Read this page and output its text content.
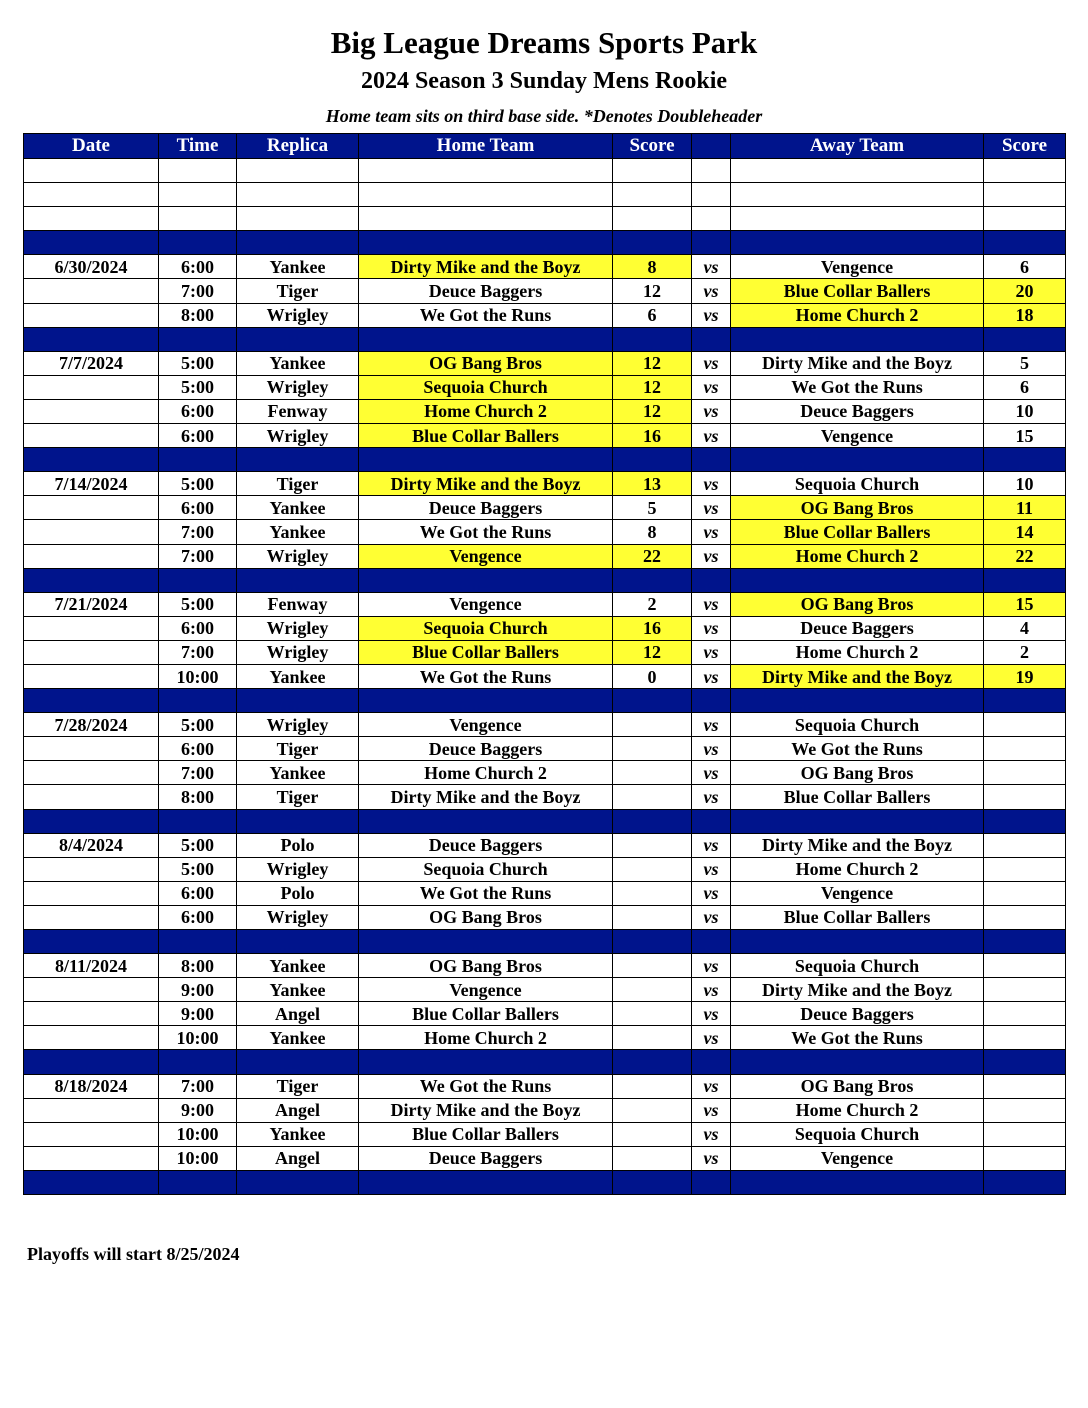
Big League Dreams Sports Park
2024 Season 3 Sunday Mens Rookie
Home team sits on third base side. *Denotes Doubleheader
Date	Time	Replica	Home Team	Score		Away Team	Score

6/30/2024	6:00	Yankee	Dirty Mike and the Boyz	8	vs	Vengence	6
	7:00	Tiger	Deuce Baggers	12	vs	Blue Collar Ballers	20
	8:00	Wrigley	We Got the Runs	6	vs	Home Church 2	18

7/7/2024	5:00	Yankee	OG Bang Bros	12	vs	Dirty Mike and the Boyz	5
	5:00	Wrigley	Sequoia Church	12	vs	We Got the Runs	6
	6:00	Fenway	Home Church 2	12	vs	Deuce Baggers	10
	6:00	Wrigley	Blue Collar Ballers	16	vs	Vengence	15

7/14/2024	5:00	Tiger	Dirty Mike and the Boyz	13	vs	Sequoia Church	10
	6:00	Yankee	Deuce Baggers	5	vs	OG Bang Bros	11
	7:00	Yankee	We Got the Runs	8	vs	Blue Collar Ballers	14
	7:00	Wrigley	Vengence	22	vs	Home Church 2	22

7/21/2024	5:00	Fenway	Vengence	2	vs	OG Bang Bros	15
	6:00	Wrigley	Sequoia Church	16	vs	Deuce Baggers	4
	7:00	Wrigley	Blue Collar Ballers	12	vs	Home Church 2	2
	10:00	Yankee	We Got the Runs	0	vs	Dirty Mike and the Boyz	19

7/28/2024	5:00	Wrigley	Vengence		vs	Sequoia Church	
	6:00	Tiger	Deuce Baggers		vs	We Got the Runs	
	7:00	Yankee	Home Church 2		vs	OG Bang Bros	
	8:00	Tiger	Dirty Mike and the Boyz		vs	Blue Collar Ballers	

8/4/2024	5:00	Polo	Deuce Baggers		vs	Dirty Mike and the Boyz	
	5:00	Wrigley	Sequoia Church		vs	Home Church 2	
	6:00	Polo	We Got the Runs		vs	Vengence	
	6:00	Wrigley	OG Bang Bros		vs	Blue Collar Ballers	

8/11/2024	8:00	Yankee	OG Bang Bros		vs	Sequoia Church	
	9:00	Yankee	Vengence		vs	Dirty Mike and the Boyz	
	9:00	Angel	Blue Collar Ballers		vs	Deuce Baggers	
	10:00	Yankee	Home Church 2		vs	We Got the Runs	

8/18/2024	7:00	Tiger	We Got the Runs		vs	OG Bang Bros	
	9:00	Angel	Dirty Mike and the Boyz		vs	Home Church 2	
	10:00	Yankee	Blue Collar Ballers		vs	Sequoia Church	
	10:00	Angel	Deuce Baggers		vs	Vengence	

Playoffs will start 8/25/2024
